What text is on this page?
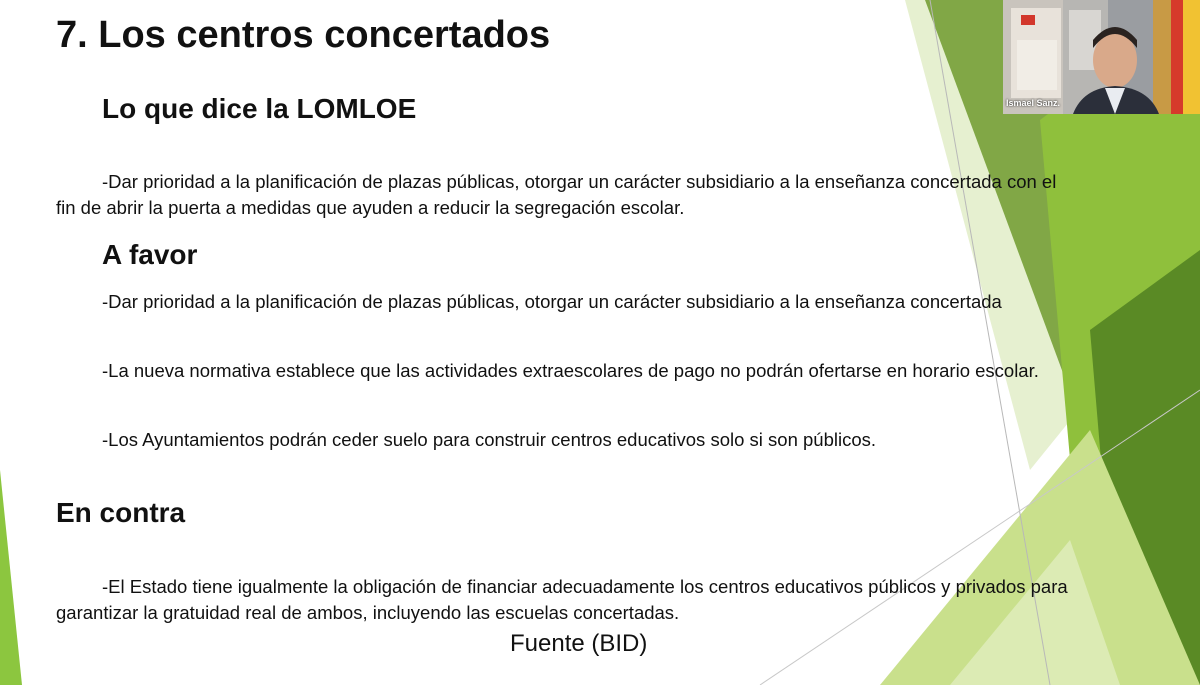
7. Los centros concertados
Lo que dice la LOMLOE

-Dar prioridad a la planificación de plazas públicas, otorgar un carácter subsidiario a la enseñanza concertada con el fin de abrir la puerta a medidas que ayuden a reducir la segregación escolar.

A favor

-Dar prioridad a la planificación de plazas públicas, otorgar un carácter subsidiario a la enseñanza concertada

-La nueva normativa establece que las actividades extraescolares de pago no podrán ofertarse en horario escolar.

-Los Ayuntamientos podrán ceder suelo para construir centros educativos solo si son públicos.

En contra

-El Estado tiene igualmente la obligación de financiar adecuadamente los centros educativos públicos y privados para garantizar la gratuidad real de ambos, incluyendo las escuelas concertadas.

Fuente (BID)
Ismael Sanz.
